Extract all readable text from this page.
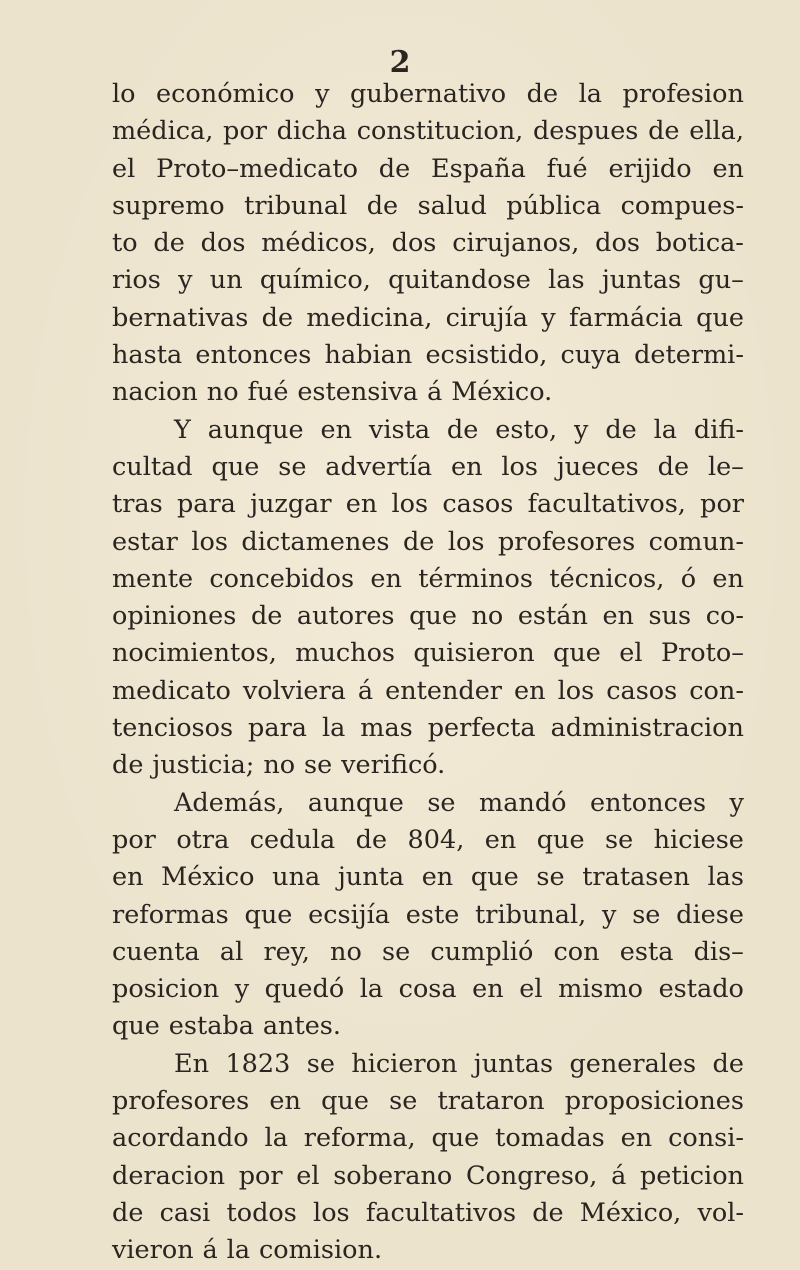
2
lo económico y gubernativo de la profesion
médica, por dicha constitucion, despues de ella,
el Proto–medicato de España fué erijido en
supremo tribunal de salud pública compues-
to de dos médicos, dos cirujanos, dos botica-
rios y un químico, quitandose las juntas gu–
bernativas de medicina, cirujía y farmácia que
hasta entonces habian ecsistido, cuya determi-
nacion no fué estensiva á México.
Y aunque en vista de esto, y de la difi-
cultad que se advertía en los jueces de le–
tras para juzgar en los casos facultativos, por
estar los dictamenes de los profesores comun-
mente concebidos en términos técnicos, ó en
opiniones de autores que no están en sus co-
nocimientos, muchos quisieron que el Proto–
medicato volviera á entender en los casos con-
tenciosos para la mas perfecta administracion
de justicia; no se verificó.
Además, aunque se mandó entonces y
por otra cedula de 804, en que se hiciese
en México una junta en que se tratasen las
reformas que ecsijía este tribunal, y se diese
cuenta al rey, no se cumplió con esta dis–
posicion y quedó la cosa en el mismo estado
que estaba antes.
En 1823 se hicieron juntas generales de
profesores en que se trataron proposiciones
acordando la reforma, que tomadas en consi-
deracion por el soberano Congreso, á peticion
de casi todos los facultativos de México, vol-
vieron á la comision.
